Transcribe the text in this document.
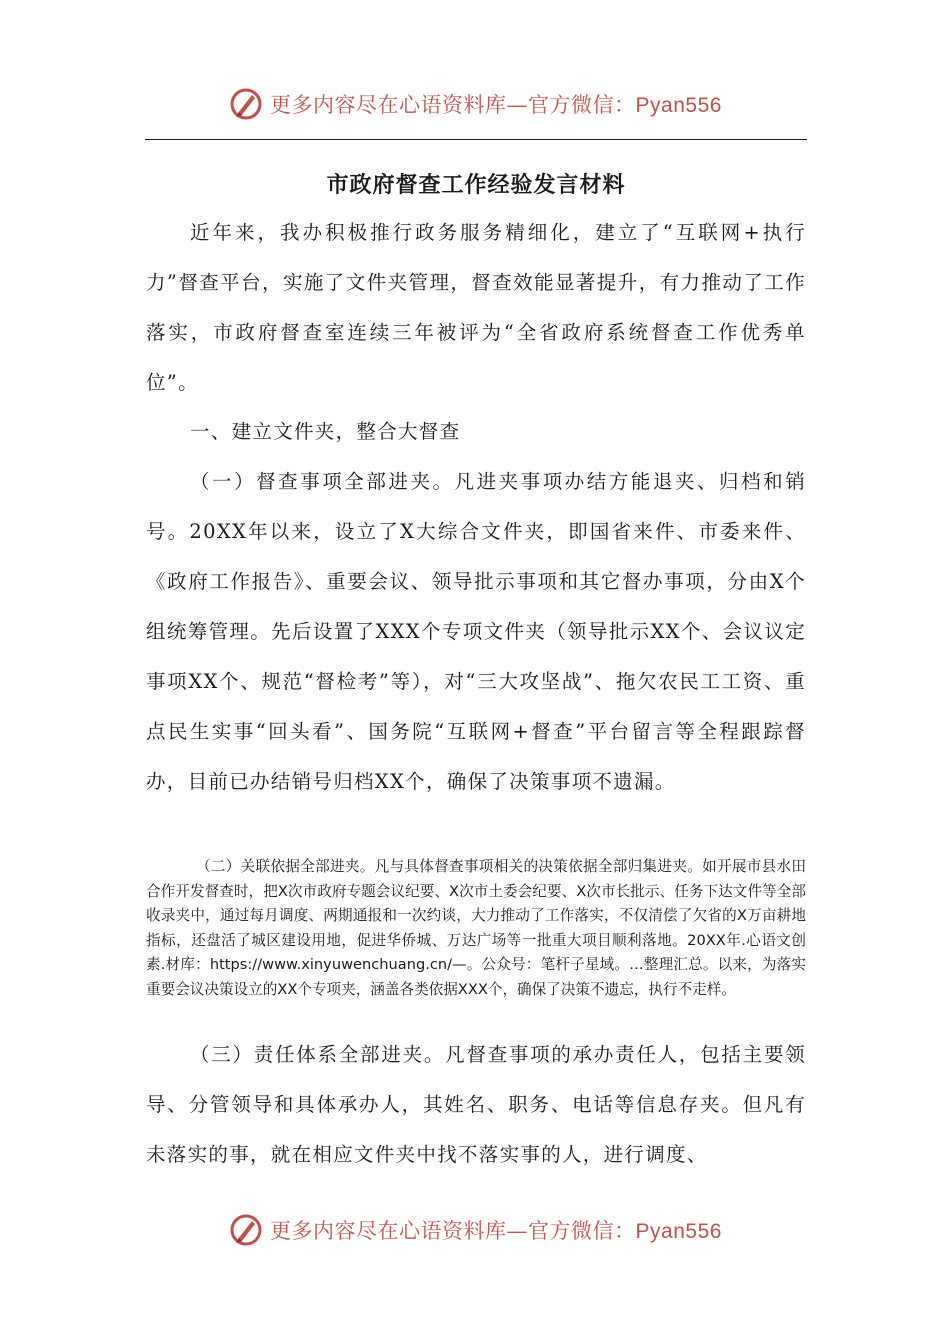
更多内容尽在心语资料库—官方微信：Pyan556
市政府督查工作经验发言材料
近年来，我办积极推行政务服务精细化，建立了“互联网+执行力”督查平台，实施了文件夹管理，督查效能显著提升，有力推动了工作落实，市政府督查室连续三年被评为“全省政府系统督查工作优秀单位”。
一、建立文件夹，整合大督查
（一）督查事项全部进夹。凡进夹事项办结方能退夹、归档和销号。20XX年以来，设立了X大综合文件夹，即国省来件、市委来件、《政府工作报告》、重要会议、领导批示事项和其它督办事项，分由X个组统筹管理。先后设置了XXX个专项文件夹（领导批示XX个、会议议定事项XX个、规范“督检考”等），对“三大攻坚战”、拖欠农民工工资、重点民生实事“回头看”、国务院“互联网+督查”平台留言等全程跟踪督办，目前已办结销号归档XX个，确保了决策事项不遗漏。
（二）关联依据全部进夹。凡与具体督查事项相关的决策依据全部归集进夹。如开展市县水田合作开发督查时，把X次市政府专题会议纪要、X次市土委会纪要、X次市长批示、任务下达文件等全部收录夹中，通过每月调度、两期通报和一次约谈，大力推动了工作落实，不仅清偿了欠省的X万亩耕地指标，还盘活了城区建设用地，促进华侨城、万达广场等一批重大项目顺利落地。20XX年.心语文创素.材库：https://www.xinyuwenchuang.cn/—。公众号：笔杆子星域。…整理汇总。以来，为落实重要会议决策设立的XX个专项夹，涵盖各类依据XXX个，确保了决策不遗忘，执行不走样。
（三）责任体系全部进夹。凡督查事项的承办责任人，包括主要领导、分管领导和具体承办人，其姓名、职务、电话等信息存夹。但凡有未落实的事，就在相应文件夹中找不落实事的人，进行调度、
更多内容尽在心语资料库—官方微信：Pyan556
